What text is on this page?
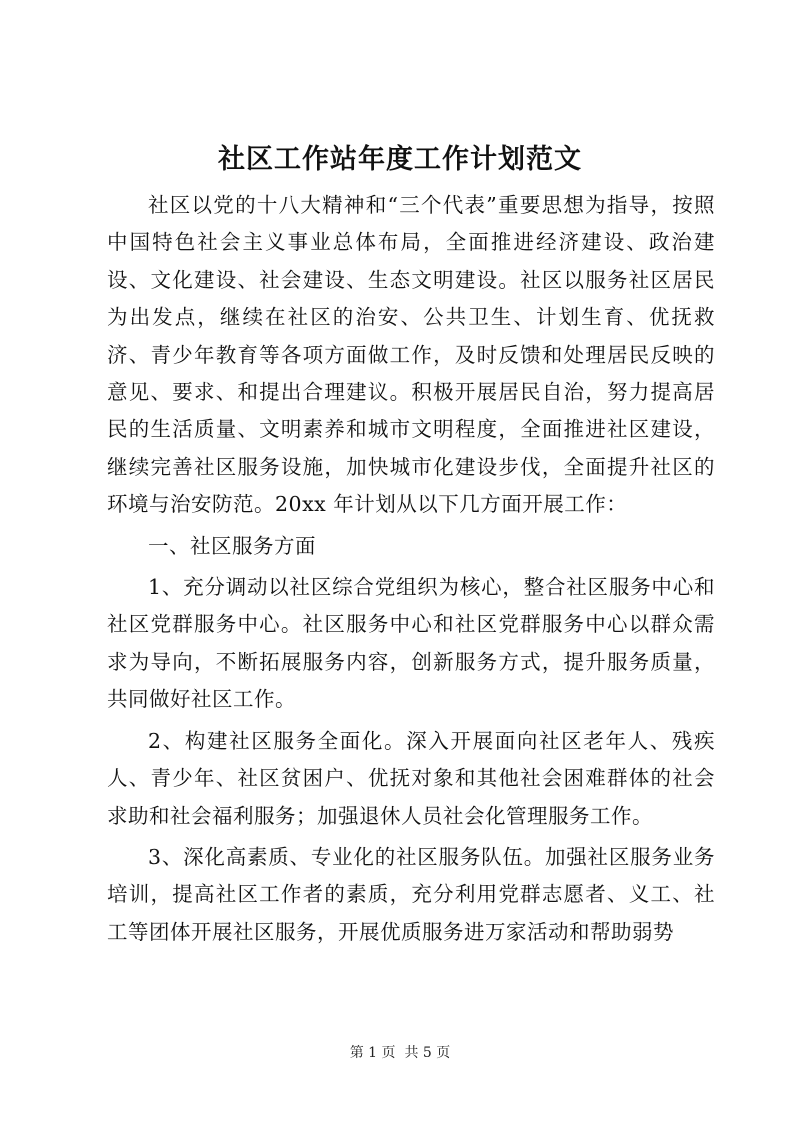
社区工作站年度工作计划范文

社区以党的十八大精神和“三个代表”重要思想为指导，按照中国特色社会主义事业总体布局，全面推进经济建设、政治建设、文化建设、社会建设、生态文明建设。社区以服务社区居民为出发点，继续在社区的治安、公共卫生、计划生育、优抚救济、青少年教育等各项方面做工作，及时反馈和处理居民反映的意见、要求、和提出合理建议。积极开展居民自治，努力提高居民的生活质量、文明素养和城市文明程度，全面推进社区建设，继续完善社区服务设施，加快城市化建设步伐，全面提升社区的环境与治安防范。20xx 年计划从以下几方面开展工作：

一、社区服务方面

1、充分调动以社区综合党组织为核心，整合社区服务中心和社区党群服务中心。社区服务中心和社区党群服务中心以群众需求为导向，不断拓展服务内容，创新服务方式，提升服务质量，共同做好社区工作。

2、构建社区服务全面化。深入开展面向社区老年人、残疾人、青少年、社区贫困户、优抚对象和其他社会困难群体的社会求助和社会福利服务；加强退休人员社会化管理服务工作。

3、深化高素质、专业化的社区服务队伍。加强社区服务业务培训，提高社区工作者的素质，充分利用党群志愿者、义工、社工等团体开展社区服务，开展优质服务进万家活动和帮助弱势

第 1 页  共 5 页
